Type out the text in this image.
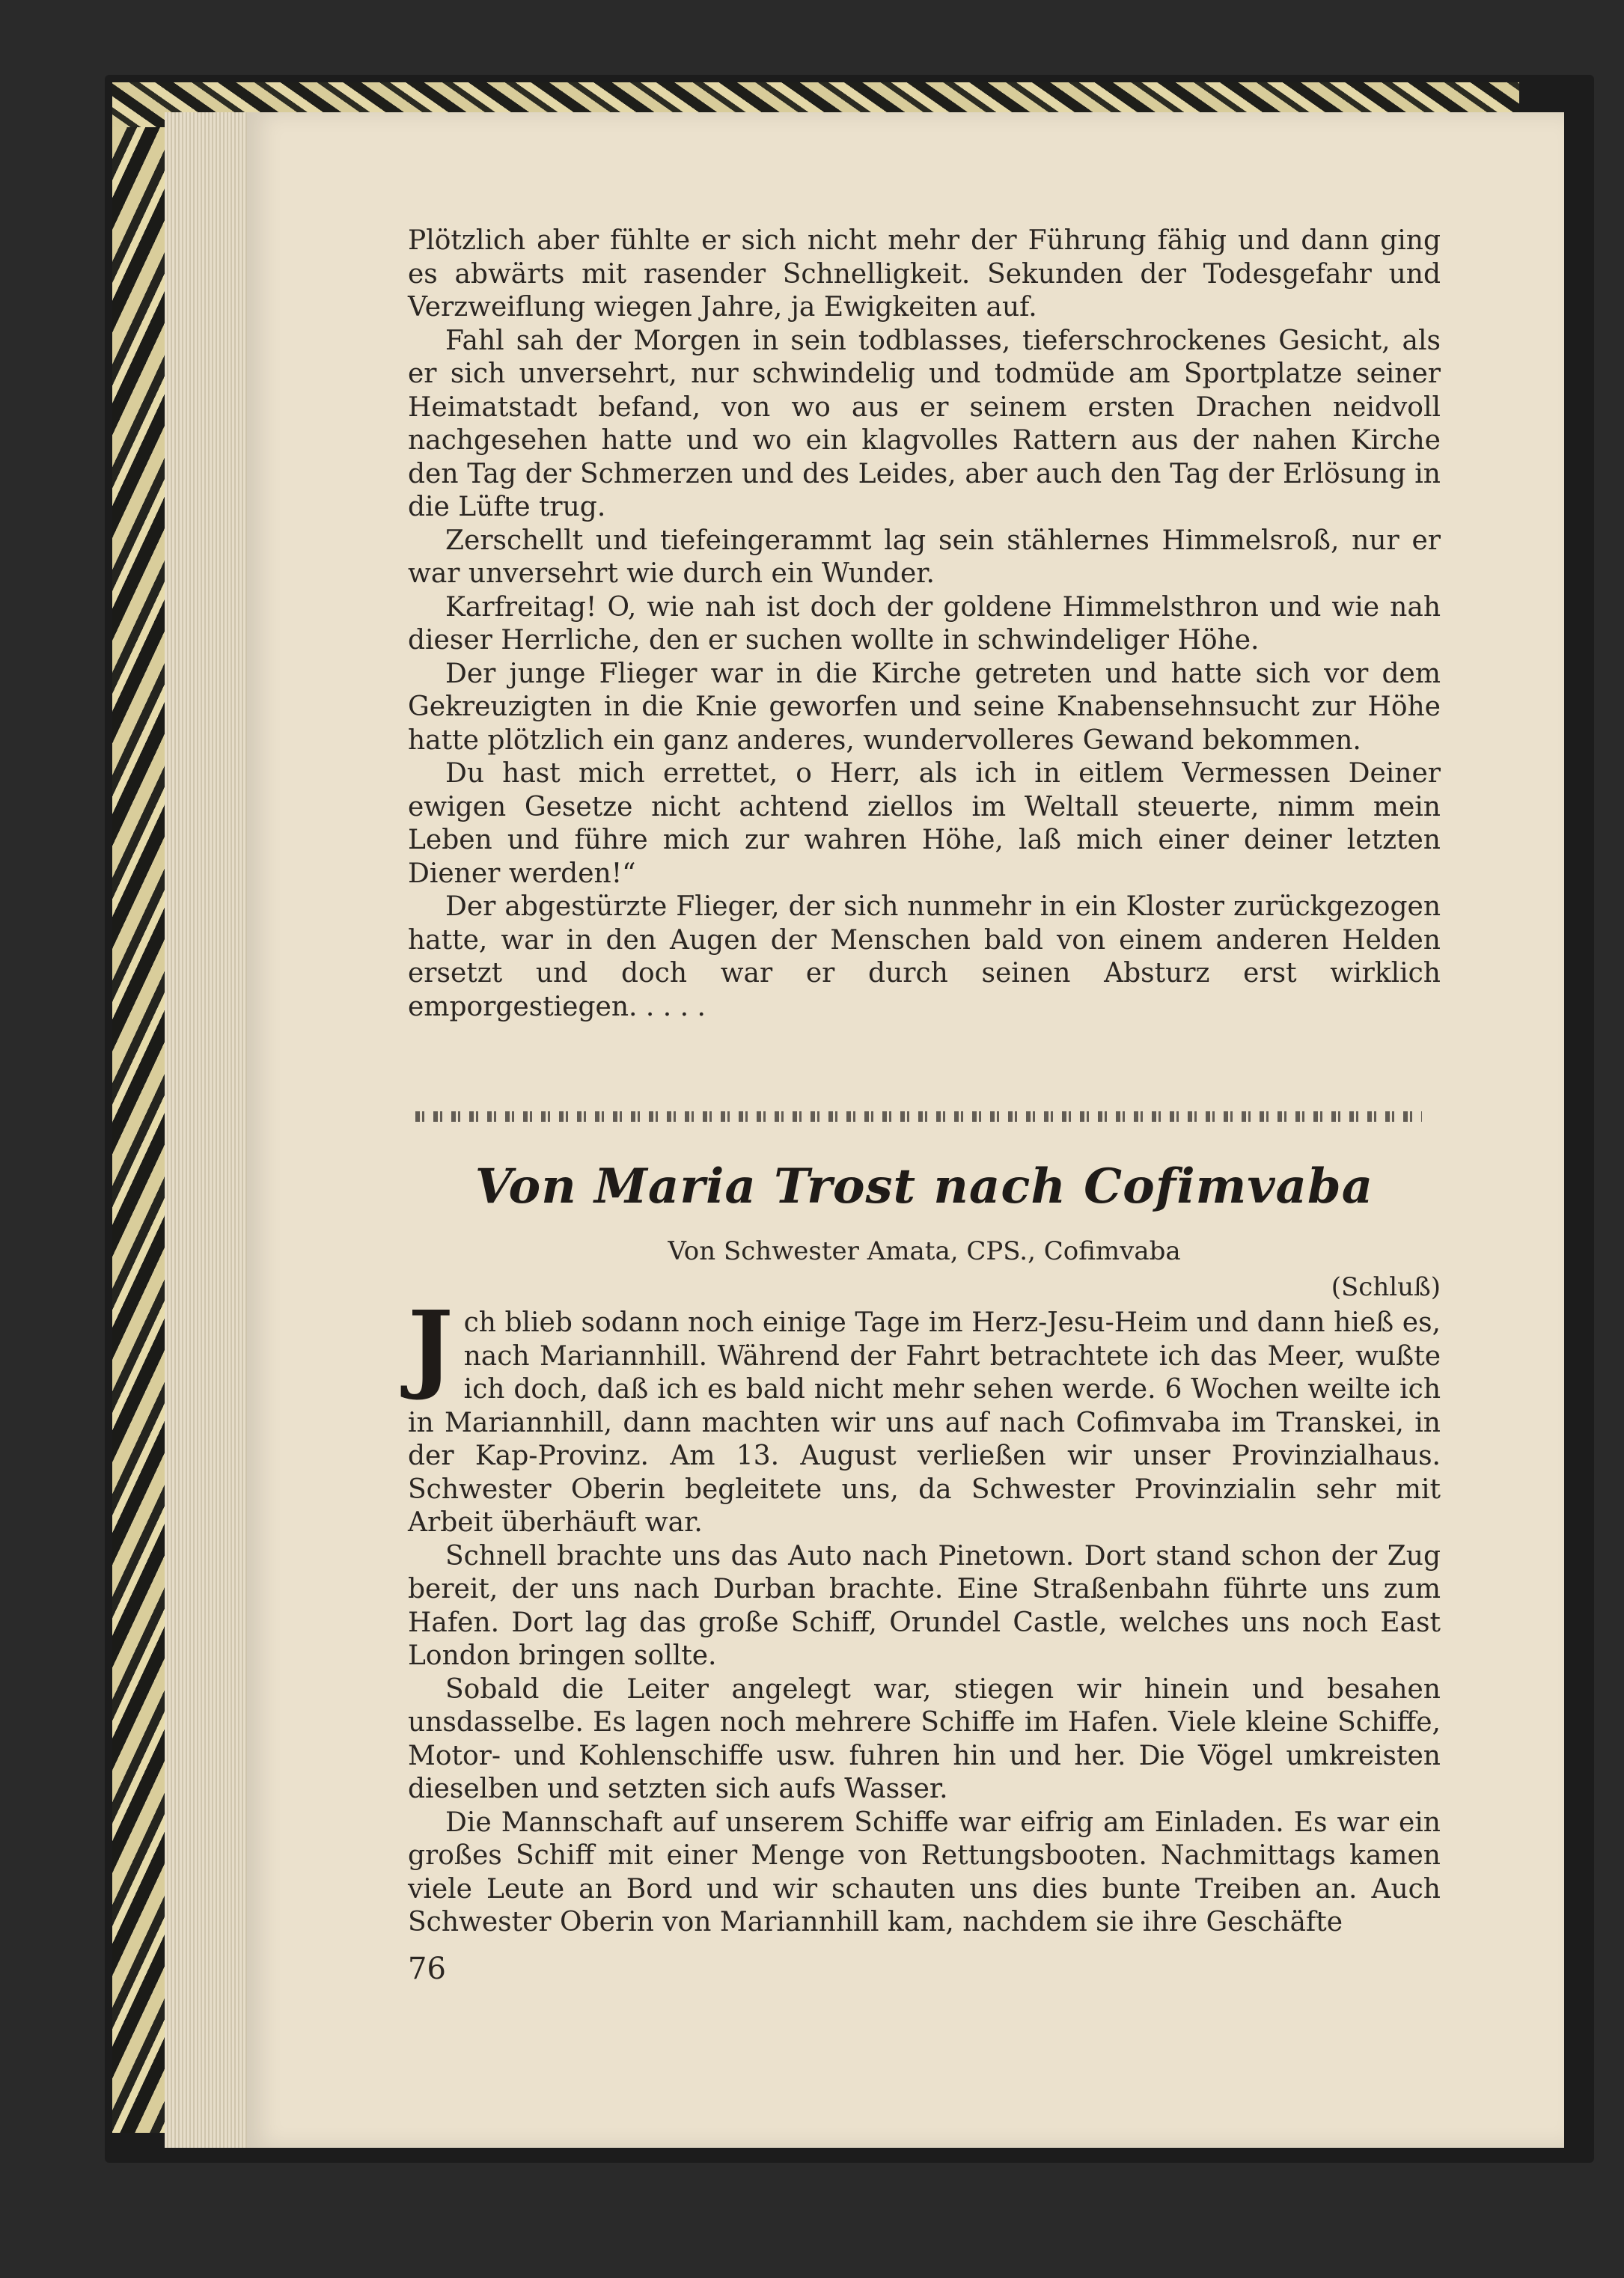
Plötzlich aber fühlte er sich nicht mehr der Führung fähig und dann ging es abwärts mit rasender Schnelligkeit. Sekunden der Todesgefahr und Verzweiflung wiegen Jahre, ja Ewigkeiten auf.

Fahl sah der Morgen in sein todblasses, tieferschrockenes Gesicht, als er sich unversehrt, nur schwindelig und todmüde am Sportplatze seiner Heimatstadt befand, von wo aus er seinem ersten Drachen neidvoll nachgesehen hatte und wo ein klagvolles Rattern aus der nahen Kirche den Tag der Schmerzen und des Leides, aber auch den Tag der Erlösung in die Lüfte trug.

Zerschellt und tiefeingerammt lag sein stählernes Himmelsroß, nur er war unversehrt wie durch ein Wunder.

Karfreitag! O, wie nah ist doch der goldene Himmelsthron und wie nah dieser Herrliche, den er suchen wollte in schwindeliger Höhe.

Der junge Flieger war in die Kirche getreten und hatte sich vor dem Gekreuzigten in die Knie geworfen und seine Knabensehnsucht zur Höhe hatte plötzlich ein ganz anderes, wundervolleres Gewand bekommen.

Du hast mich errettet, o Herr, als ich in eitlem Vermessen Deiner ewigen Gesetze nicht achtend ziellos im Weltall steuerte, nimm mein Leben und führe mich zur wahren Höhe, laß mich einer deiner letzten Diener werden!“

Der abgestürzte Flieger, der sich nunmehr in ein Kloster zurückgezogen hatte, war in den Augen der Menschen bald von einem anderen Helden ersetzt und doch war er durch seinen Absturz erst wirklich emporgestiegen. . . . .

Von Maria Trost nach Cofimvaba
Von Schwester Amata, CPS., Cofimvaba
(Schluß)

J ch blieb sodann noch einige Tage im Herz-Jesu-Heim und dann hieß es, nach Mariannhill. Während der Fahrt betrachtete ich das Meer, wußte ich doch, daß ich es bald nicht mehr sehen werde. 6 Wochen weilte ich in Mariannhill, dann machten wir uns auf nach Cofimvaba im Transkei, in der Kap-Provinz. Am 13. August verließen wir unser Provinzialhaus. Schwester Oberin begleitete uns, da Schwester Provinzialin sehr mit Arbeit überhäuft war.

Schnell brachte uns das Auto nach Pinetown. Dort stand schon der Zug bereit, der uns nach Durban brachte. Eine Straßenbahn führte uns zum Hafen. Dort lag das große Schiff, Orundel Castle, welches uns noch East London bringen sollte.

Sobald die Leiter angelegt war, stiegen wir hinein und besahen unsdasselbe. Es lagen noch mehrere Schiffe im Hafen. Viele kleine Schiffe, Motor- und Kohlenschiffe usw. fuhren hin und her. Die Vögel umkreisten dieselben und setzten sich aufs Wasser.

Die Mannschaft auf unserem Schiffe war eifrig am Einladen. Es war ein großes Schiff mit einer Menge von Rettungsbooten. Nachmittags kamen viele Leute an Bord und wir schauten uns dies bunte Treiben an. Auch Schwester Oberin von Mariannhill kam, nachdem sie ihre Geschäfte

76
